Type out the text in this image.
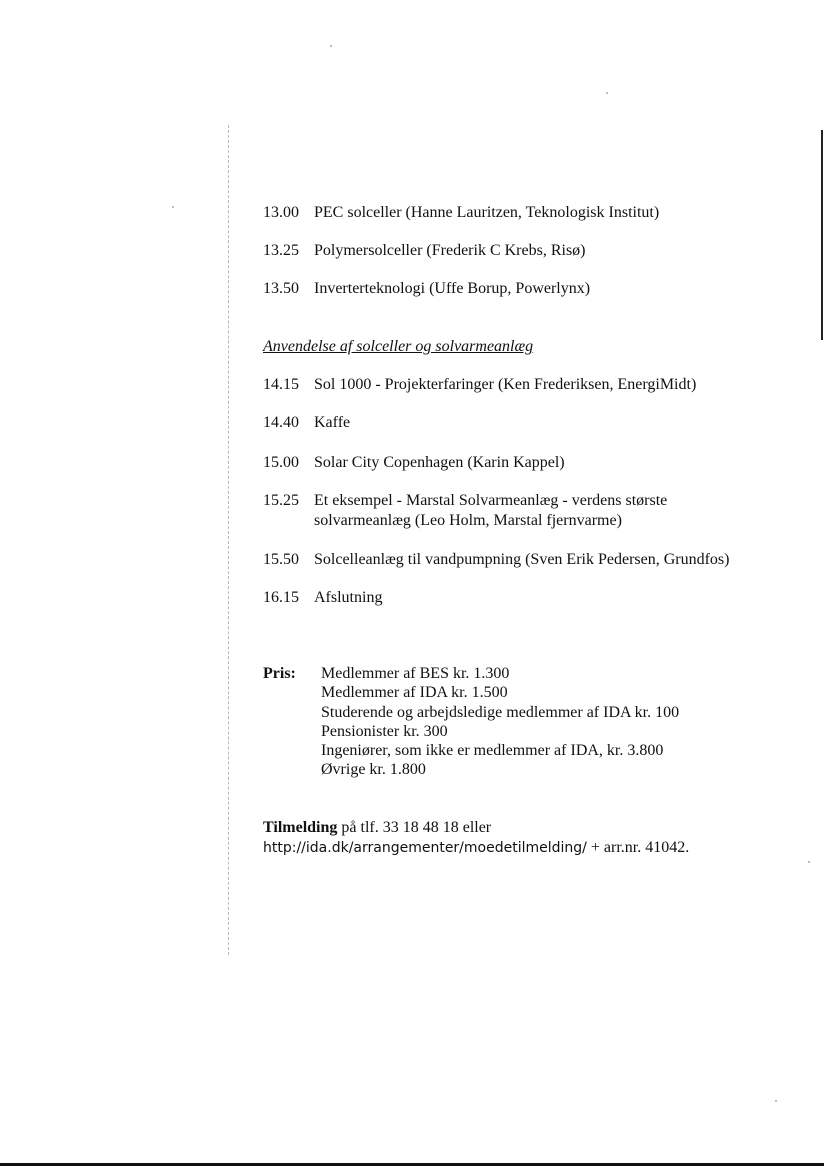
13.00 PEC solceller (Hanne Lauritzen, Teknologisk Institut)
13.25 Polymersolceller (Frederik C Krebs, Risø)
13.50 Inverterteknologi (Uffe Borup, Powerlynx)
Anvendelse af solceller og solvarmeanlæg
14.15 Sol 1000 - Projekterfaringer (Ken Frederiksen, EnergiMidt)
14.40 Kaffe
15.00 Solar City Copenhagen (Karin Kappel)
15.25 Et eksempel - Marstal Solvarmeanlæg - verdens største
solvarmeanlæg (Leo Holm, Marstal fjernvarme)
15.50 Solcelleanlæg til vandpumpning (Sven Erik Pedersen, Grundfos)
16.15 Afslutning
Pris:	Medlemmer af BES kr. 1.300
Medlemmer af IDA kr. 1.500
Studerende og arbejdsledige medlemmer af IDA kr. 100
Pensionister kr. 300
Ingeniører, som ikke er medlemmer af IDA, kr. 3.800
Øvrige kr. 1.800
Tilmelding på tlf. 33 18 48 18 eller
http://ida.dk/arrangementer/moedetilmelding/ + arr.nr. 41042.
